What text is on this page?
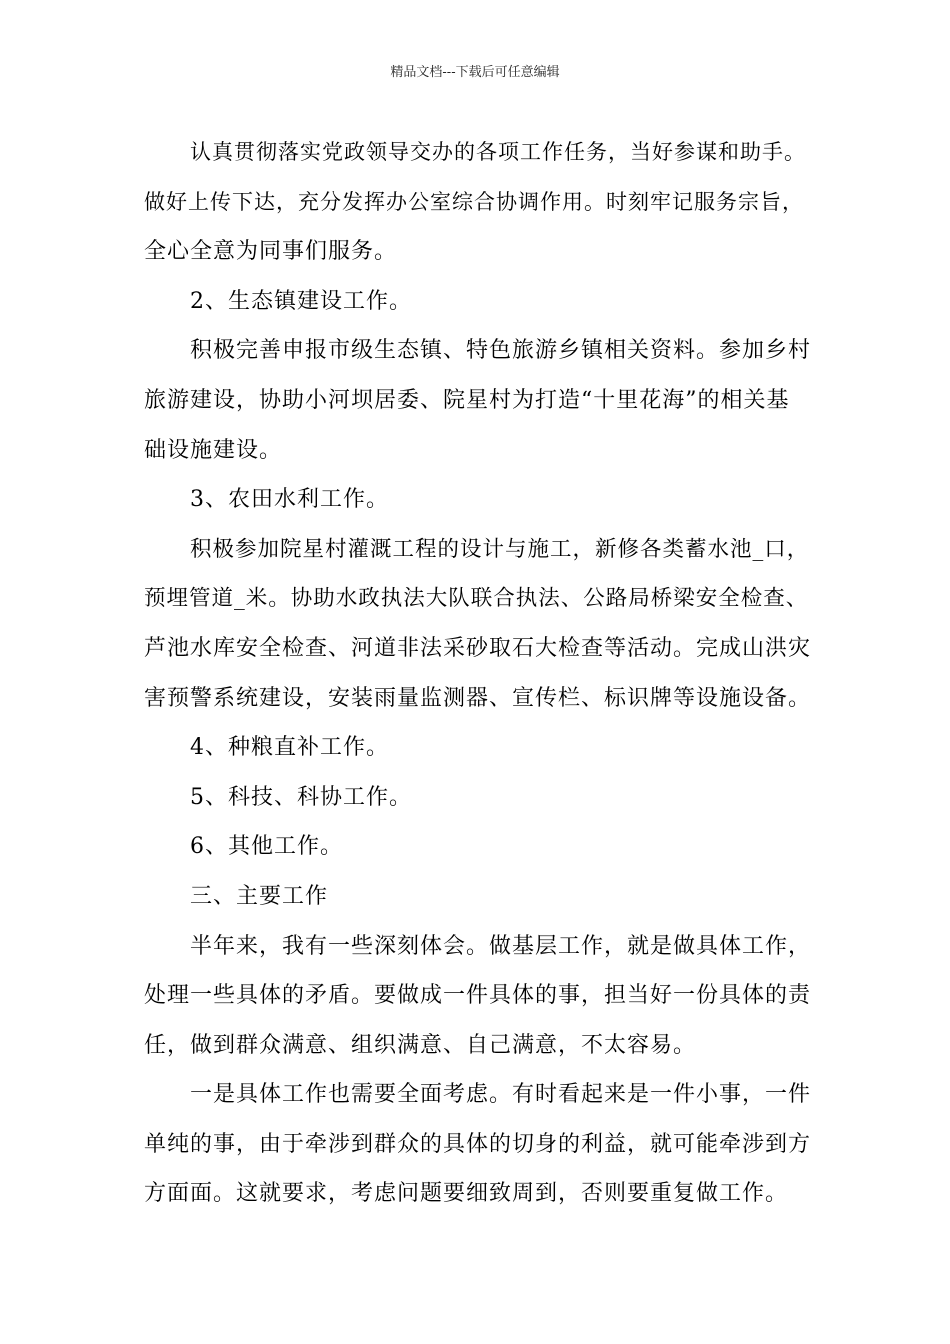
精品文档---下载后可任意编辑
认真贯彻落实党政领导交办的各项工作任务，当好参谋和助手。
做好上传下达，充分发挥办公室综合协调作用。时刻牢记服务宗旨，
全心全意为同事们服务。
2、生态镇建设工作。
积极完善申报市级生态镇、特色旅游乡镇相关资料。参加乡村
旅游建设，协助小河坝居委、院星村为打造“十里花海”的相关基
础设施建设。
3、农田水利工作。
积极参加院星村灌溉工程的设计与施工，新修各类蓄水池_口，
预埋管道_米。协助水政执法大队联合执法、公路局桥梁安全检查、
芦池水库安全检查、河道非法采砂取石大检查等活动。完成山洪灾
害预警系统建设，安装雨量监测器、宣传栏、标识牌等设施设备。
4、种粮直补工作。
5、科技、科协工作。
6、其他工作。
三、主要工作
半年来，我有一些深刻体会。做基层工作，就是做具体工作，
处理一些具体的矛盾。要做成一件具体的事，担当好一份具体的责
任，做到群众满意、组织满意、自己满意，不太容易。
一是具体工作也需要全面考虑。有时看起来是一件小事，一件
单纯的事，由于牵涉到群众的具体的切身的利益，就可能牵涉到方
方面面。这就要求，考虑问题要细致周到，否则要重复做工作。
